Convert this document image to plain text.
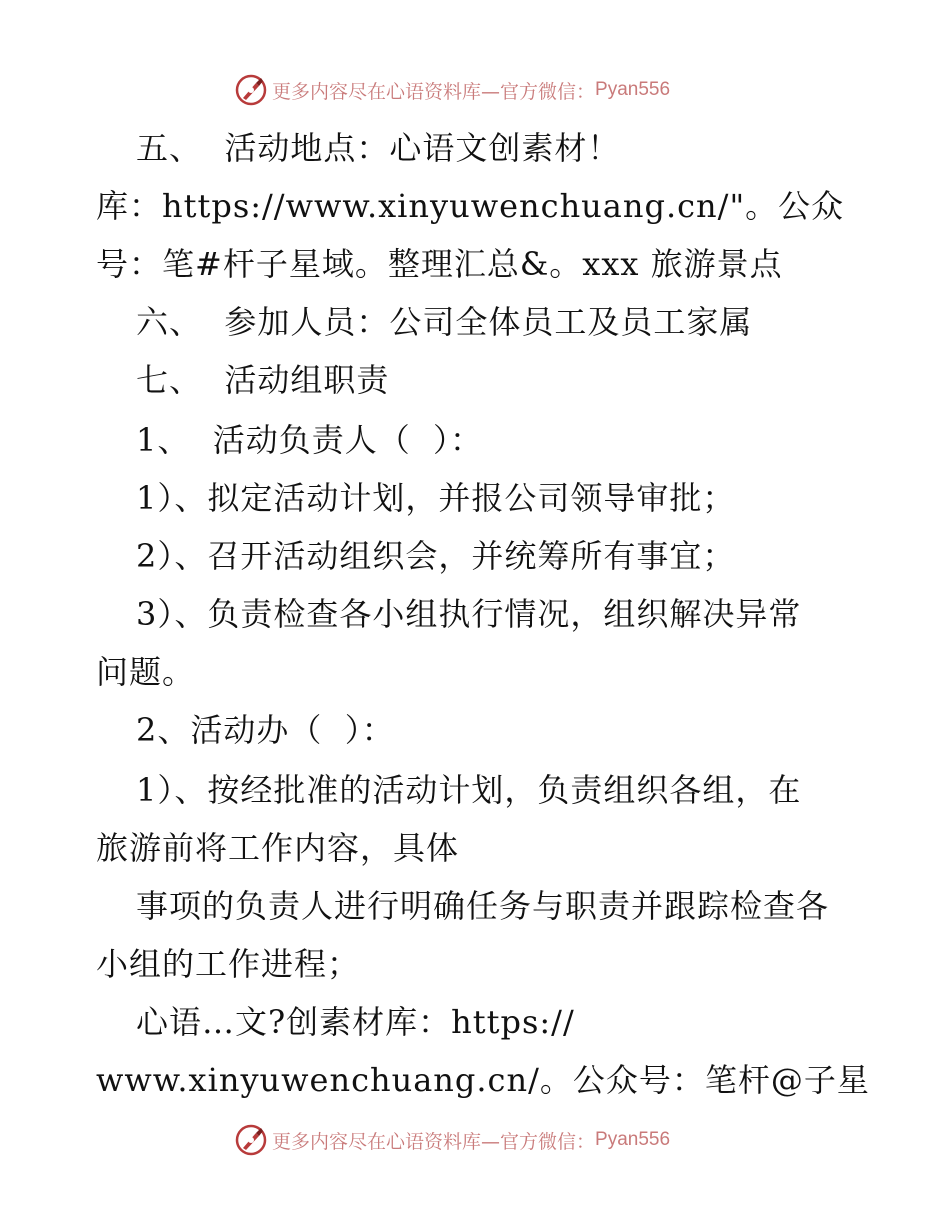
更多内容尽在心语资料库—官方微信： Pyan556
五、  活动地点：心语文创素材！
库：https://www.xinyuwenchuang.cn/"。公众
号：笔#杆子星域。整理汇总&。xxx 旅游景点
六、  参加人员：公司全体员工及员工家属
七、  活动组职责
1、  活动负责人（  ）：
1）、拟定活动计划，并报公司领导审批；
2）、召开活动组织会，并统筹所有事宜；
3）、负责检查各小组执行情况，组织解决异常
问题。
2、活动办（  ）：
1）、按经批准的活动计划，负责组织各组，在
旅游前将工作内容，具体
事项的负责人进行明确任务与职责并跟踪检查各
小组的工作进程；
心语…文?创素材库：https://
www.xinyuwenchuang.cn/。公众号：笔杆@子星
更多内容尽在心语资料库—官方微信： Pyan556
